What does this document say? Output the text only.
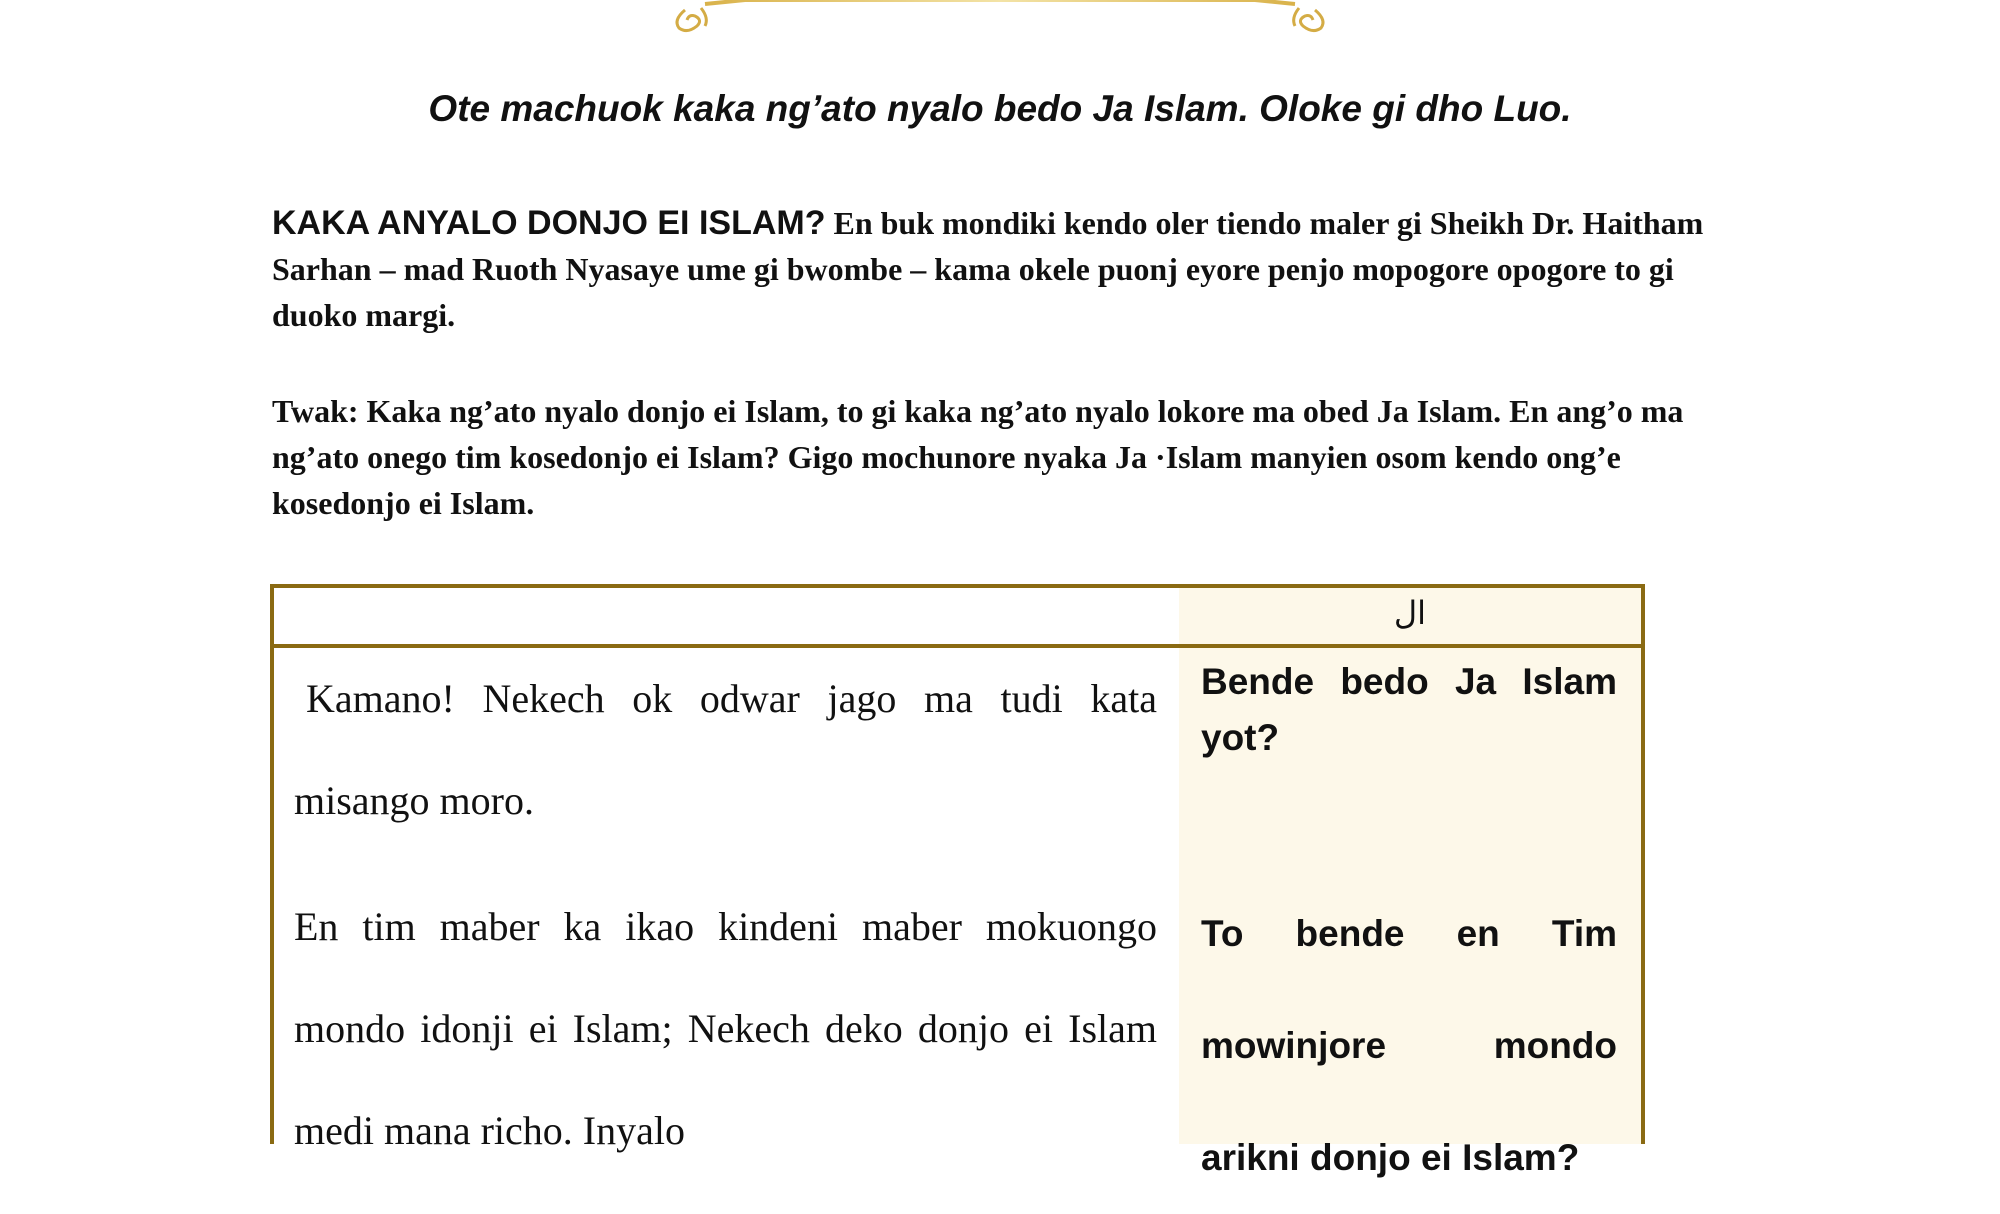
Ote machuok kaka ng’ato nyalo bedo Ja Islam. Oloke gi dho Luo.

KAKA ANYALO DONJO EI ISLAM? En buk mondiki kendo oler tiendo maler gi Sheikh Dr. Haitham Sarhan – mad Ruoth Nyasaye ume gi bwombe – kama okele puonj eyore penjo mopogore opogore to gi duoko margi.

Twak: Kaka ng’ato nyalo donjo ei Islam, to gi kaka ng’ato nyalo lokore ma obed Ja Islam. En ang’o ma ng’ato onego tim kosedonjo ei Islam? Gigo mochunore nyaka Ja ·Islam manyien osom kendo ong’e kosedonjo ei Islam.

ال

Kamano! Nekech ok odwar jago ma tudi kata misango moro.

En tim maber ka ikao kindeni maber mokuongo mondo idonji ei Islam; Nekech deko donjo ei Islam medi mana richo. Inyalo

Bende bedo Ja Islam yot?

To bende en Tim mowinjore mondo arikni donjo ei Islam?
